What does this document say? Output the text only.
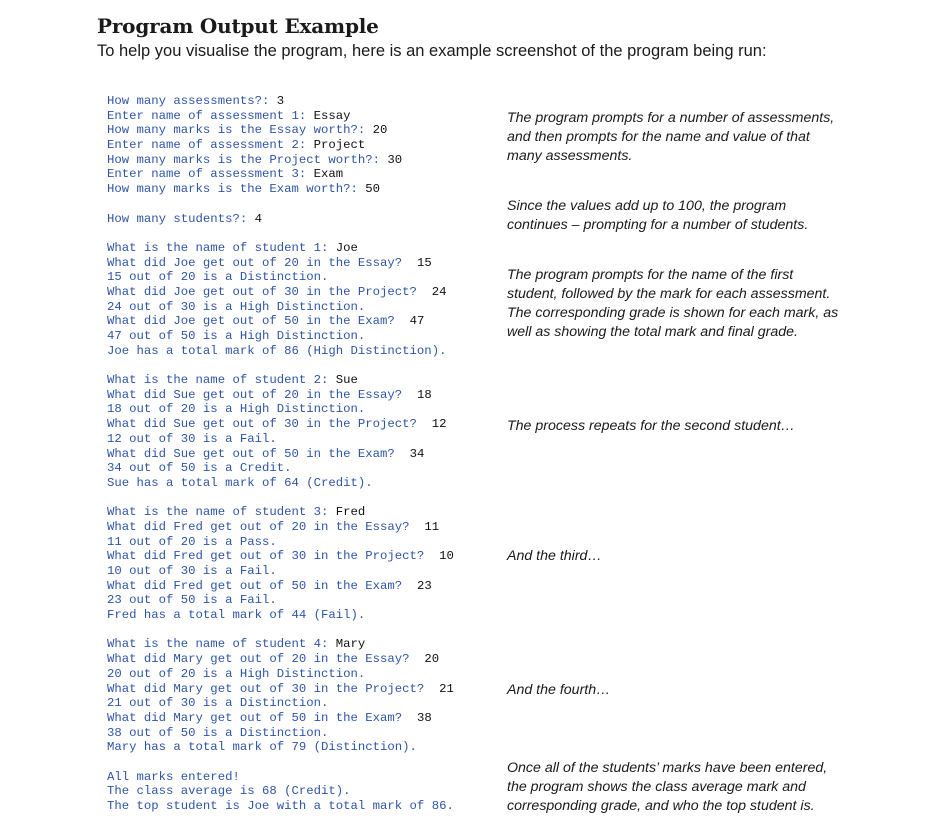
Program Output Example
To help you visualise the program, here is an example screenshot of the program being run:
How many assessments?: 3
Enter name of assessment 1: Essay
How many marks is the Essay worth?: 20
Enter name of assessment 2: Project
How many marks is the Project worth?: 30
Enter name of assessment 3: Exam
How many marks is the Exam worth?: 50
How many students?: 4
What is the name of student 1: Joe
What did Joe get out of 20 in the Essay?  15
15 out of 20 is a Distinction.
What did Joe get out of 30 in the Project?  24
24 out of 30 is a High Distinction.
What did Joe get out of 50 in the Exam?  47
47 out of 50 is a High Distinction.
Joe has a total mark of 86 (High Distinction).
What is the name of student 2: Sue
What did Sue get out of 20 in the Essay?  18
18 out of 20 is a High Distinction.
What did Sue get out of 30 in the Project?  12
12 out of 30 is a Fail.
What did Sue get out of 50 in the Exam?  34
34 out of 50 is a Credit.
Sue has a total mark of 64 (Credit).
What is the name of student 3: Fred
What did Fred get out of 20 in the Essay?  11
11 out of 20 is a Pass.
What did Fred get out of 30 in the Project?  10
10 out of 30 is a Fail.
What did Fred get out of 50 in the Exam?  23
23 out of 50 is a Fail.
Fred has a total mark of 44 (Fail).
What is the name of student 4: Mary
What did Mary get out of 20 in the Essay?  20
20 out of 20 is a High Distinction.
What did Mary get out of 30 in the Project?  21
21 out of 30 is a Distinction.
What did Mary get out of 50 in the Exam?  38
38 out of 50 is a Distinction.
Mary has a total mark of 79 (Distinction).
All marks entered!
The class average is 68 (Credit).
The top student is Joe with a total mark of 86.
The program prompts for a number of assessments,
and then prompts for the name and value of that
many assessments.
Since the values add up to 100, the program
continues – prompting for a number of students.
The program prompts for the name of the first
student, followed by the mark for each assessment.
The corresponding grade is shown for each mark, as
well as showing the total mark and final grade.
The process repeats for the second student…
And the third…
And the fourth…
Once all of the students’ marks have been entered,
the program shows the class average mark and
corresponding grade, and who the top student is.
